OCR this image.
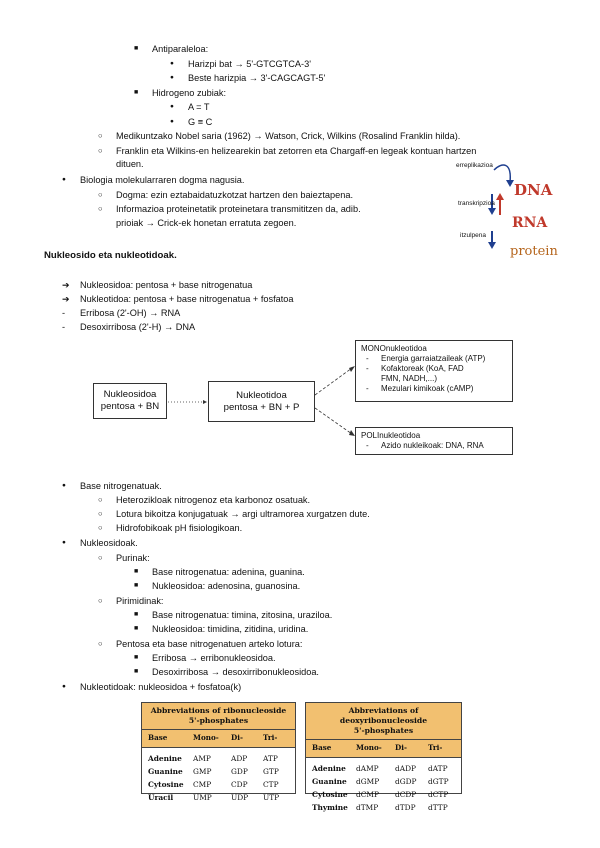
■ Antiparaleloa:
● Harizpi bat → 5'-GTCGTCA-3'
● Beste harizpia → 3'-CAGCAGT-5'
■ Hidrogeno zubiak:
● A = T
● G ≡ C
○ Medikuntzako Nobel saria (1962) → Watson, Crick, Wilkins (Rosalind Franklin hilda).
○ Franklin eta Wilkins-en helizearekin bat zetorren eta Chargaff-en legeak kontuan hartzen
dituen.
● Biologia molekularraren dogma nagusia.
○ Dogma: ezin eztabaidatuzkotzat hartzen den baieztapena.
○ Informazioa proteinetatik proteinetara transmititzen da, adib.
prioiak → Crick-ek honetan erratuta zegoen.
erreplikazioa
DNA
transkripzioa
RNA
itzulpena
protein
Nukleosido eta nukleotidoak.
➔ Nukleosidoa: pentosa + base nitrogenatua
➔ Nukleotidoa: pentosa + base nitrogenatua + fosfatoa
- Erribosa (2'-OH) → RNA
- Desoxirribosa (2'-H) → DNA
Nukleosidoa
pentosa + BN
Nukleotidoa
pentosa + BN + P
MONOnukleotidoa
- Energia garraiatzaileak (ATP)
- Kofaktoreak (KoA, FAD
FMN, NADH,...)
- Mezulari kimikoak (cAMP)
POLInukleotidoa
- Azido nukleikoak: DNA, RNA
● Base nitrogenatuak.
○ Heterozikloak nitrogenoz eta karbonoz osatuak.
○ Lotura bikoitza konjugatuak → argi ultramorea xurgatzen dute.
○ Hidrofobikoak pH fisiologikoan.
● Nukleosidoak.
○ Purinak:
■ Base nitrogenatua: adenina, guanina.
■ Nukleosidoa: adenosina, guanosina.
○ Pirimidinak:
■ Base nitrogenatua: timina, zitosina, uraziloa.
■ Nukleosidoa: timidina, zitidina, uridina.
○ Pentosa eta base nitrogenatuen arteko lotura:
■ Erribosa → erribonukleosidoa.
■ Desoxirribosa → desoxirribonukleosidoa.
● Nukleotidoak: nukleosidoa + fosfatoa(k)
Abbreviations of ribonucleoside
5'-phosphates
Base	Mono- Di-	Tri-
Adenine AMP	ADP ATP
Guanine GMP	GDP GTP
Cytosine CMP	CDP CTP
Uracil	UMP	UDP UTP
Abbreviations of deoxyribonucleoside
5'-phosphates
Base	Mono- Di-	Tri-
Adenine dAMP dADP dATP
Guanine dGMP dGDP dGTP
Cytosine dCMP dCDP dCTP
Thymine dTMP dTDP dTTP
